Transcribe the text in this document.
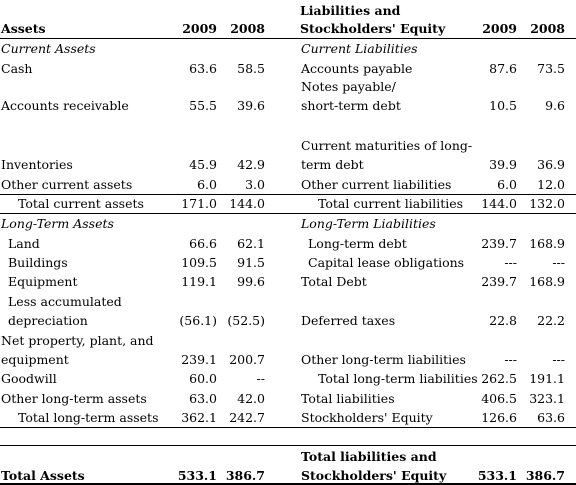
Assets	2009	2008
Liabilities and
Stockholders' Equity	2009	2008
Current Assets
Cash	63.6	58.5
Accounts receivable	55.5	39.6
Inventories	45.9	42.9
Other current assets	6.0	3.0
Total current assets	171.0 144.0
Long-Term Assets
Land	66.6	62.1
Buildings	109.5	91.5
Equipment	119.1	99.6
Less accumulated
depreciation	(56.1) (52.5)
Net property, plant, and
equipment	239.1 200.7
Goodwill	60.0	--
Other long-term assets	63.0	42.0
Total long-term assets	362.1 242.7
Total Assets	533.1 386.7
Current Liabilities
Accounts payable	87.6	73.5
Notes payable/
short-term debt	10.5	9.6
Current maturities of long-
term debt	39.9	36.9
Other current liabilities	6.0	12.0
Total current liabilities	144.0 132.0
Long-Term Liabilities
Long-term debt	239.7 168.9
Capital lease obligations	---	---
Total Debt	239.7 168.9
Deferred taxes	22.8	22.2
Other long-term liabilities	---	---
Total long-term liabilities 262.5 191.1
Total liabilities	406.5 323.1
Stockholders' Equity	126.6	63.6
Total liabilities and
Stockholders' Equity	533.1 386.7
